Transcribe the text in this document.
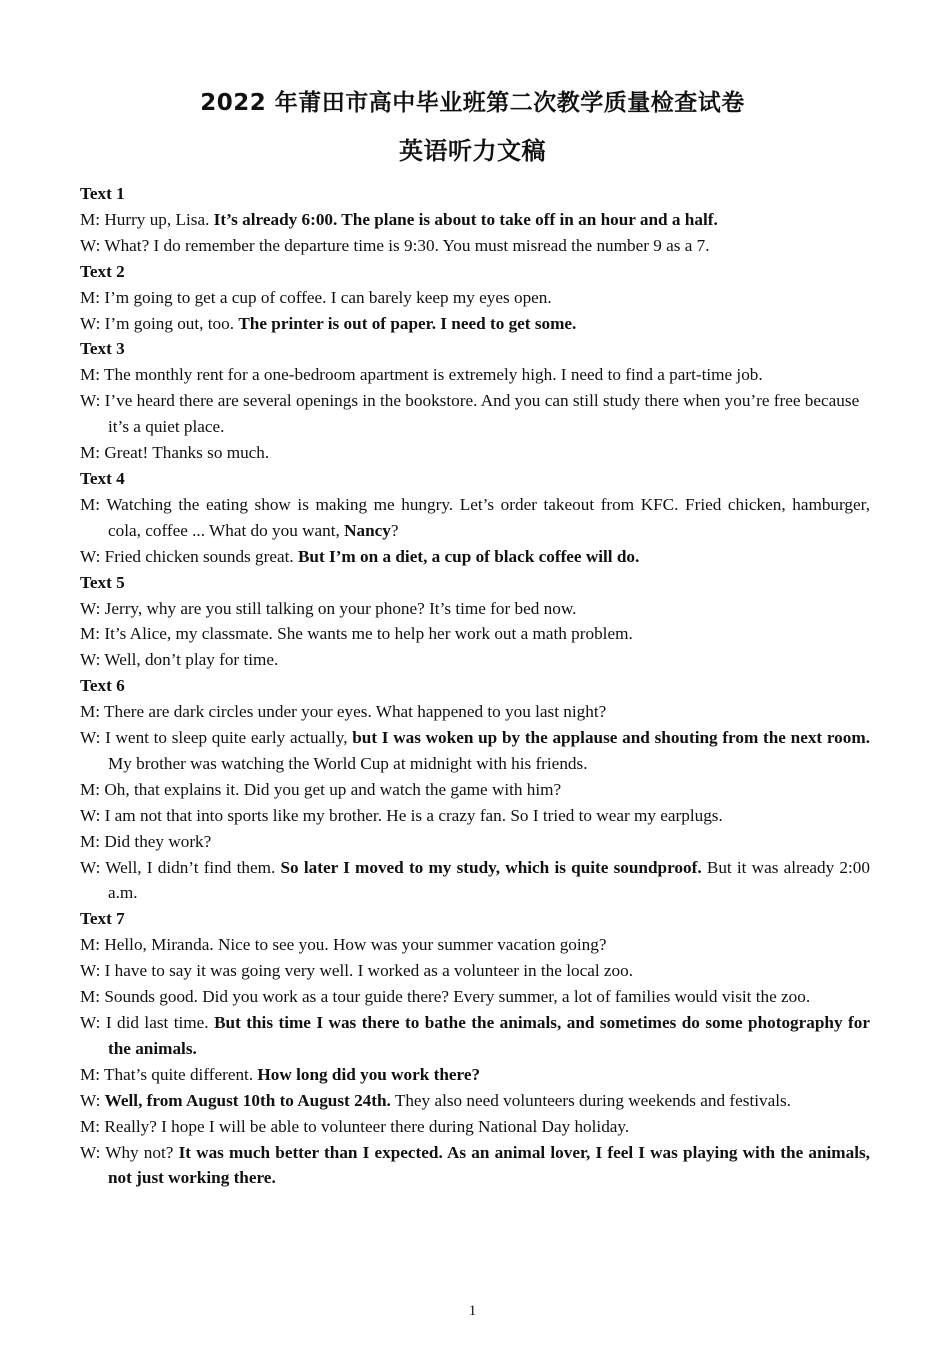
2022 年莆田市高中毕业班第二次教学质量检查试卷
英语听力文稿
Text 1
M: Hurry up, Lisa. It’s already 6:00. The plane is about to take off in an hour and a half.
W: What? I do remember the departure time is 9:30. You must misread the number 9 as a 7.
Text 2
M: I’m going to get a cup of coffee. I can barely keep my eyes open.
W: I’m going out, too. The printer is out of paper. I need to get some.
Text 3
M: The monthly rent for a one-bedroom apartment is extremely high. I need to find a part-time job.
W: I’ve heard there are several openings in the bookstore. And you can still study there when you’re free because it’s a quiet place.
M: Great! Thanks so much.
Text 4
M: Watching the eating show is making me hungry. Let’s order takeout from KFC. Fried chicken, hamburger, cola, coffee ... What do you want, Nancy?
W: Fried chicken sounds great. But I’m on a diet, a cup of black coffee will do.
Text 5
W: Jerry, why are you still talking on your phone? It’s time for bed now.
M: It’s Alice, my classmate. She wants me to help her work out a math problem.
W: Well, don’t play for time.
Text 6
M: There are dark circles under your eyes. What happened to you last night?
W: I went to sleep quite early actually, but I was woken up by the applause and shouting from the next room. My brother was watching the World Cup at midnight with his friends.
M: Oh, that explains it. Did you get up and watch the game with him?
W: I am not that into sports like my brother. He is a crazy fan. So I tried to wear my earplugs.
M: Did they work?
W: Well, I didn’t find them. So later I moved to my study, which is quite soundproof. But it was already 2:00 a.m.
Text 7
M: Hello, Miranda. Nice to see you. How was your summer vacation going?
W: I have to say it was going very well. I worked as a volunteer in the local zoo.
M: Sounds good. Did you work as a tour guide there? Every summer, a lot of families would visit the zoo.
W: I did last time. But this time I was there to bathe the animals, and sometimes do some photography for the animals.
M: That’s quite different. How long did you work there?
W: Well, from August 10th to August 24th. They also need volunteers during weekends and festivals.
M: Really? I hope I will be able to volunteer there during National Day holiday.
W: Why not? It was much better than I expected. As an animal lover, I feel I was playing with the animals, not just working there.
1
